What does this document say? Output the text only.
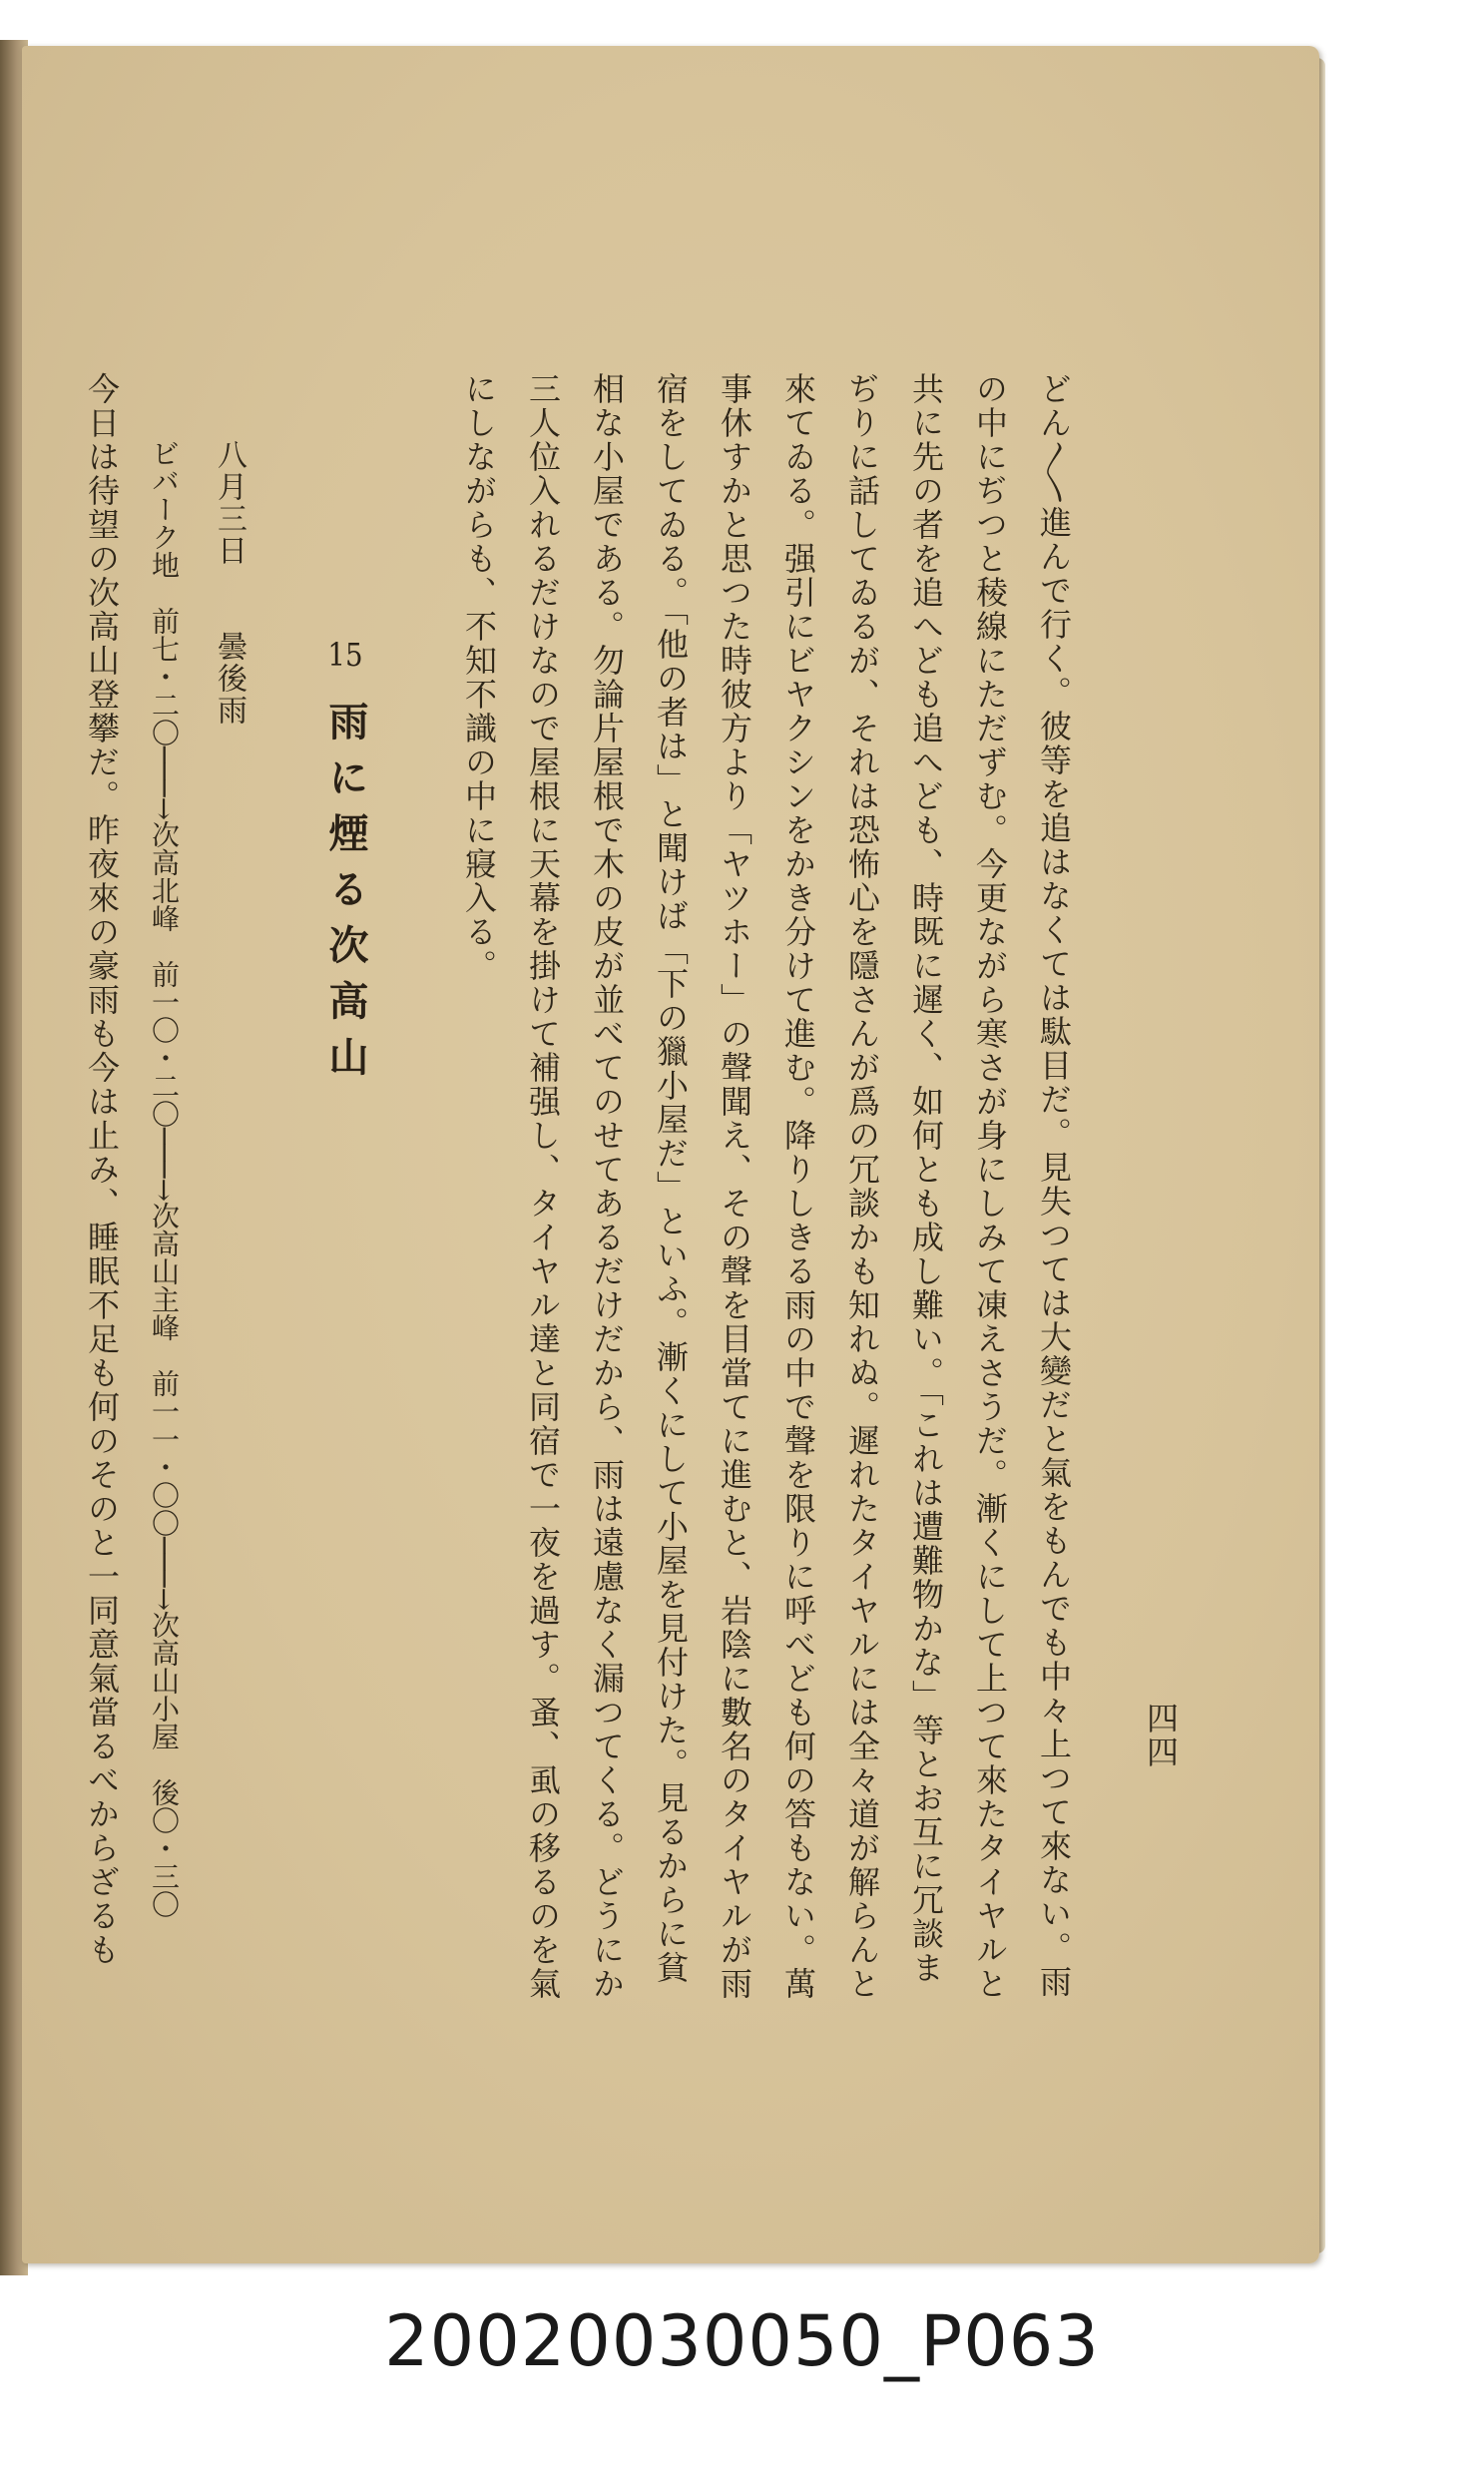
四四
どん〳〵進んで行く。彼等を追はなくては駄目だ。見失つては大變だと氣をもんでも中々上つて來ない。雨
の中にぢつと稜線にただずむ。今更ながら寒さが身にしみて凍えさうだ。漸くにして上つて來たタイヤルと
共に先の者を追へども追へども、時既に遲く、如何とも成し難い。「これは遭難物かな」等とお互に冗談ま
ぢりに話してゐるが、それは恐怖心を隱さんが爲の冗談かも知れぬ。遲れたタイヤルには全々道が解らんと
來てゐる。强引にビヤクシンをかき分けて進む。降りしきる雨の中で聲を限りに呼べども何の答もない。萬
事休すかと思つた時彼方より「ヤツホー」の聲聞え、その聲を目當てに進むと、岩陰に數名のタイヤルが雨
宿をしてゐる。「他の者は」と聞けば「下の獵小屋だ」といふ。漸くにして小屋を見付けた。見るからに貧
相な小屋である。勿論片屋根で木の皮が並べてのせてあるだけだから、雨は遠慮なく漏つてくる。どうにか
三人位入れるだけなので屋根に天幕を掛けて補强し、タイヤル達と同宿で一夜を過す。蚤、虱の移るのを氣
にしながらも、不知不識の中に寢入る。
15雨に煙る次高山
八月三日　　曇後雨
ビバーク地　前七・二〇───→次高北峰　前一〇・二〇───→次高山主峰　前一一・〇〇───→次高山小屋　後〇・三〇
今日は待望の次高山登攀だ。昨夜來の豪雨も今は止み、睡眠不足も何のそのと一同意氣當るべからざるも
20020030050_P063
